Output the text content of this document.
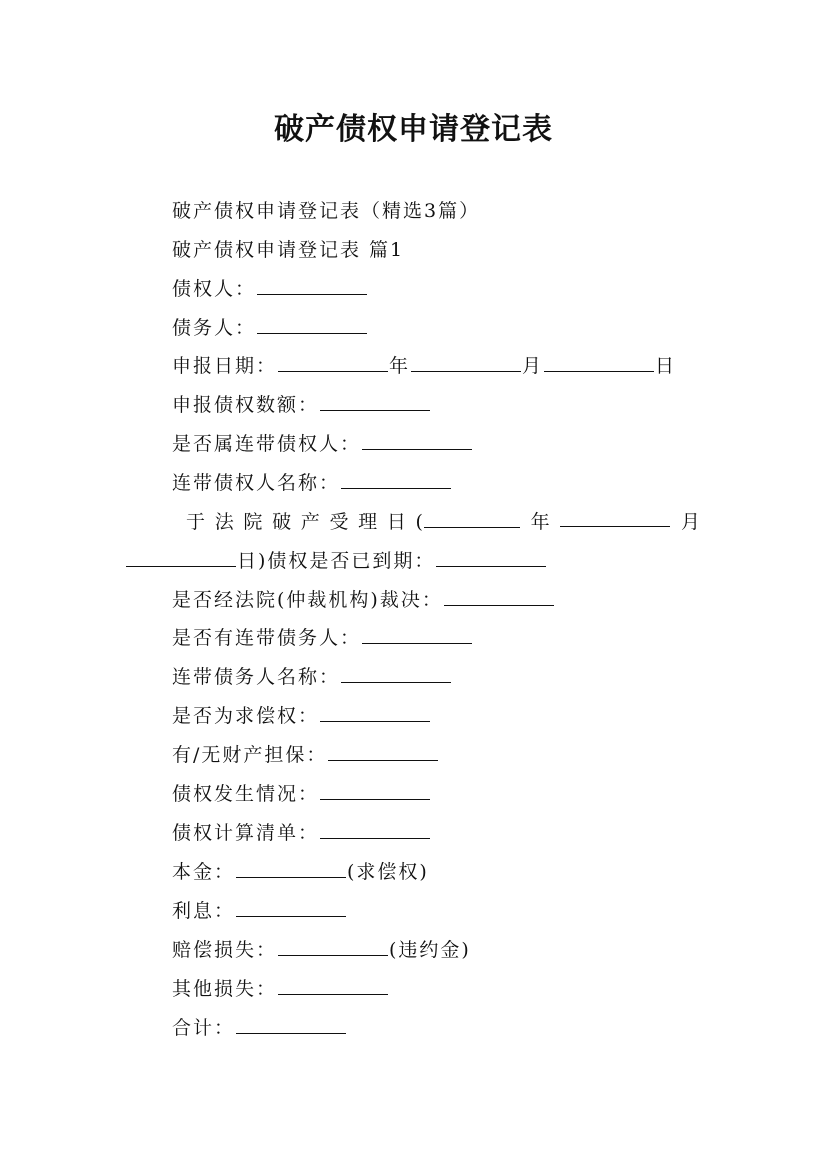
破产债权申请登记表
破产债权申请登记表（精选3篇）
破产债权申请登记表 篇1
债权人：
债务人：
申报日期：	年	月	日
申报债权数额：
是否属连带债权人：
连带债权人名称：
于 法 院 破 产 受 理 日 (	年	月
日)债权是否已到期：
是否经法院(仲裁机构)裁决：
是否有连带债务人：
连带债务人名称：
是否为求偿权：
有/无财产担保：
债权发生情况：
债权计算清单：
本金：	(求偿权)
利息：
赔偿损失：	(违约金)
其他损失：
合计：
